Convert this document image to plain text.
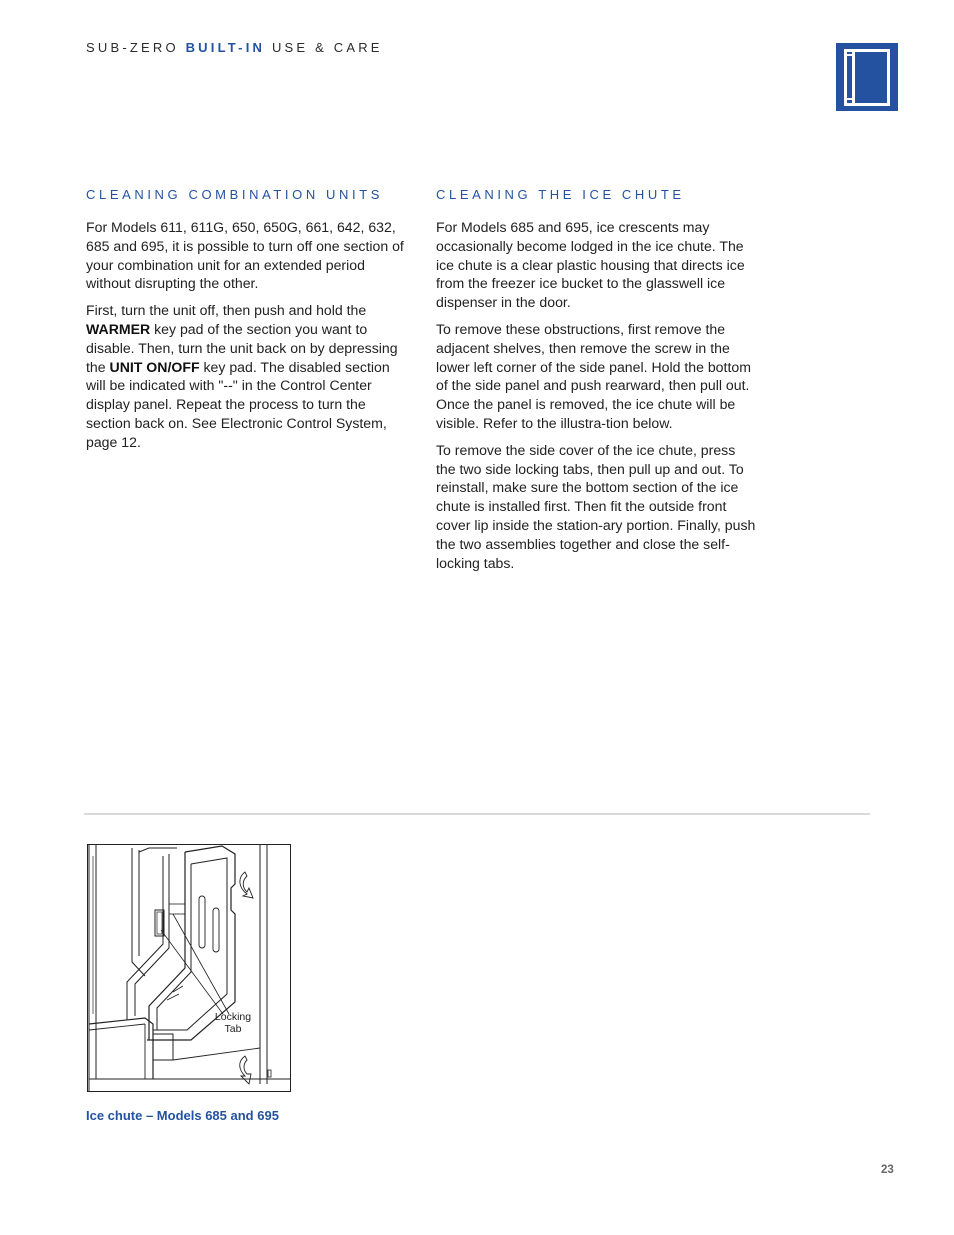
SUB-ZERO BUILT-IN USE & CARE
CLEANING COMBINATION UNITS

For Models 611, 611G, 650, 650G, 661, 642, 632, 685 and 695, it is possible to turn off one section of your combination unit for an extended period without disrupting the other.

First, turn the unit off, then push and hold the WARMER key pad of the section you want to disable. Then, turn the unit back on by depressing the UNIT ON/OFF key pad. The disabled section will be indicated with "--" in the Control Center display panel. Repeat the process to turn the section back on. See Electronic Control System, page 12.

CLEANING THE ICE CHUTE

For Models 685 and 695, ice crescents may occasionally become lodged in the ice chute. The ice chute is a clear plastic housing that directs ice from the freezer ice bucket to the glasswell ice dispenser in the door.

To remove these obstructions, first remove the adjacent shelves, then remove the screw in the lower left corner of the side panel. Hold the bottom of the side panel and push rearward, then pull out. Once the panel is removed, the ice chute will be visible. Refer to the illustra-tion below.

To remove the side cover of the ice chute, press the two side locking tabs, then pull up and out. To reinstall, make sure the bottom section of the ice chute is installed first. Then fit the outside front cover lip inside the station-ary portion. Finally, push the two assemblies together and close the self-locking tabs.

Locking
Tab
Ice chute – Models 685 and 695
23
